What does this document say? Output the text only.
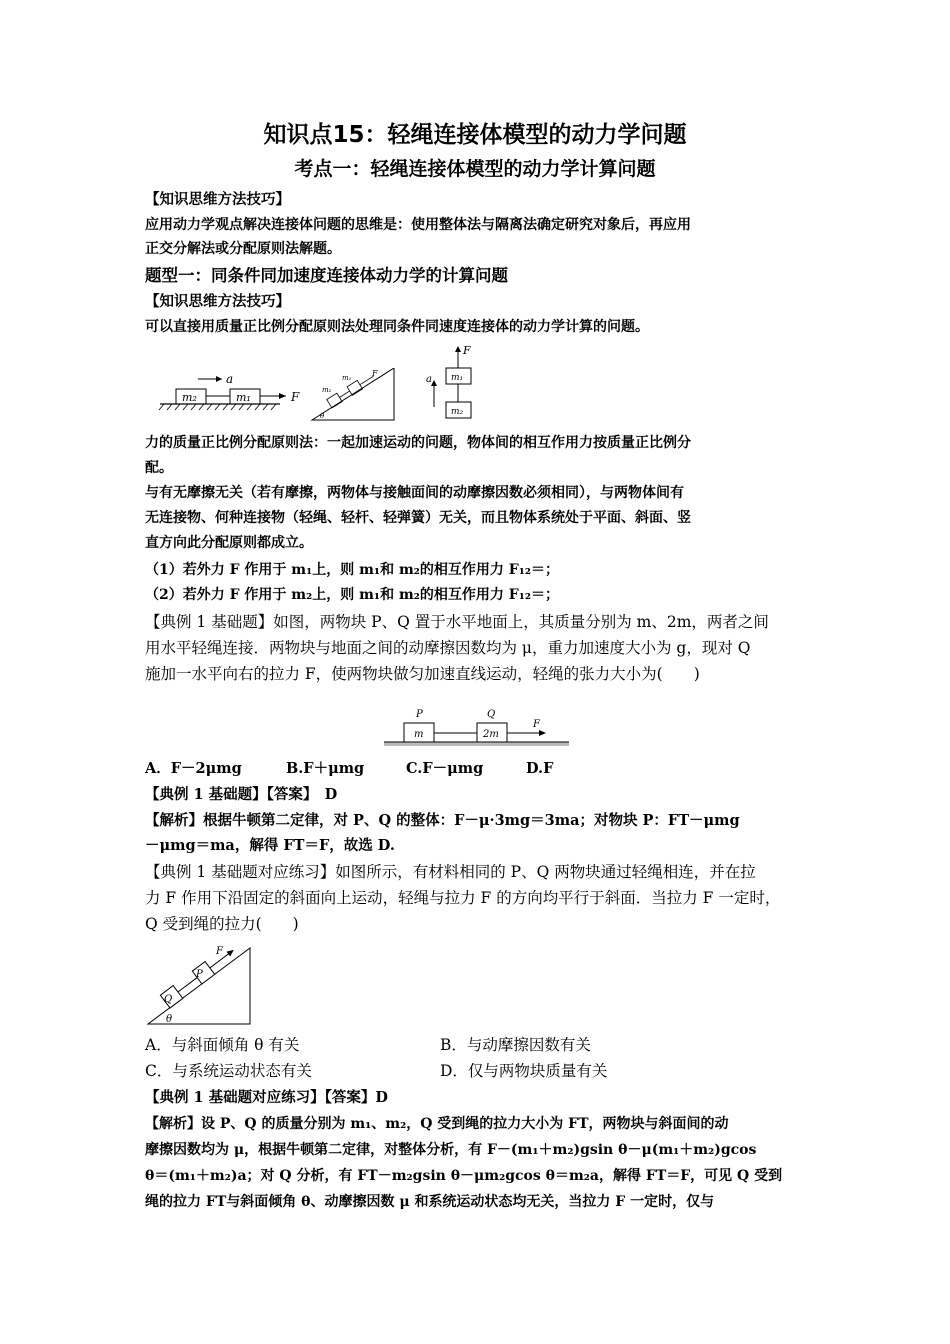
知识点15：轻绳连接体模型的动力学问题
考点一：轻绳连接体模型的动力学计算问题
【知识思维方法技巧】
应用动力学观点解决连接体问题的思维是：使用整体法与隔离法确定研究对象后，再应用
正交分解法或分配原则法解题。
题型一：同条件同加速度连接体动力学的计算问题
【知识思维方法技巧】
可以直接用质量正比例分配原则法处理同条件同速度连接体的动力学计算的问题。
m₂	m₁	F
a
m₂
m₁	F
θ
F
m₁
m₂
a
力的质量正比例分配原则法：一起加速运动的问题，物体间的相互作用力按质量正比例分
配。
与有无摩擦无关（若有摩擦，两物体与接触面间的动摩擦因数必须相同），与两物体间有
无连接物、何种连接物（轻绳、轻杆、轻弹簧）无关，而且物体系统处于平面、斜面、竖
直方向此分配原则都成立。
（1）若外力 F 作用于 m₁上，则 m₁和 m₂的相互作用力 F₁₂＝；
（2）若外力 F 作用于 m₂上，则 m₁和 m₂的相互作用力 F₁₂＝；
【典例 1 基础题】如图，两物块 P、Q 置于水平地面上，其质量分别为 m、2m，两者之间
用水平轻绳连接．两物块与地面之间的动摩擦因数均为 μ，重力加速度大小为 g，现对 Q
施加一水平向右的拉力 F，使两物块做匀加速直线运动，轻绳的张力大小为(　　)
P	Q
F
m	2m
A．F－2μmg	B.F＋μmg	C.F－μmg	D.F
【典例 1 基础题】【答案】　D
【解析】根据牛顿第二定律，对 P、Q 的整体：F－μ·3mg＝3ma；对物块 P：FT－μmg
－μmg＝ma，解得 FT＝F，故选 D.
【典例 1 基础题对应练习】如图所示，有材料相同的 P、Q 两物块通过轻绳相连，并在拉
力 F 作用下沿固定的斜面向上运动，轻绳与拉力 F 的方向均平行于斜面．当拉力 F 一定时，
Q 受到绳的拉力(　　)
Q
P
F
θ
A．与斜面倾角 θ 有关	B．与动摩擦因数有关
C．与系统运动状态有关	D．仅与两物块质量有关
【典例 1 基础题对应练习】【答案】D
【解析】设 P、Q 的质量分别为 m₁、m₂，Q 受到绳的拉力大小为 FT，两物块与斜面间的动
摩擦因数均为 μ，根据牛顿第二定律，对整体分析，有 F－(m₁＋m₂)gsin θ－μ(m₁＋m₂)gcos
θ＝(m₁＋m₂)a；对 Q 分析，有 FT－m₂gsin θ－μm₂gcos θ＝m₂a，解得 FT＝F，可见 Q 受到
绳的拉力 FT与斜面倾角 θ、动摩擦因数 μ 和系统运动状态均无关，当拉力 F 一定时，仅与
